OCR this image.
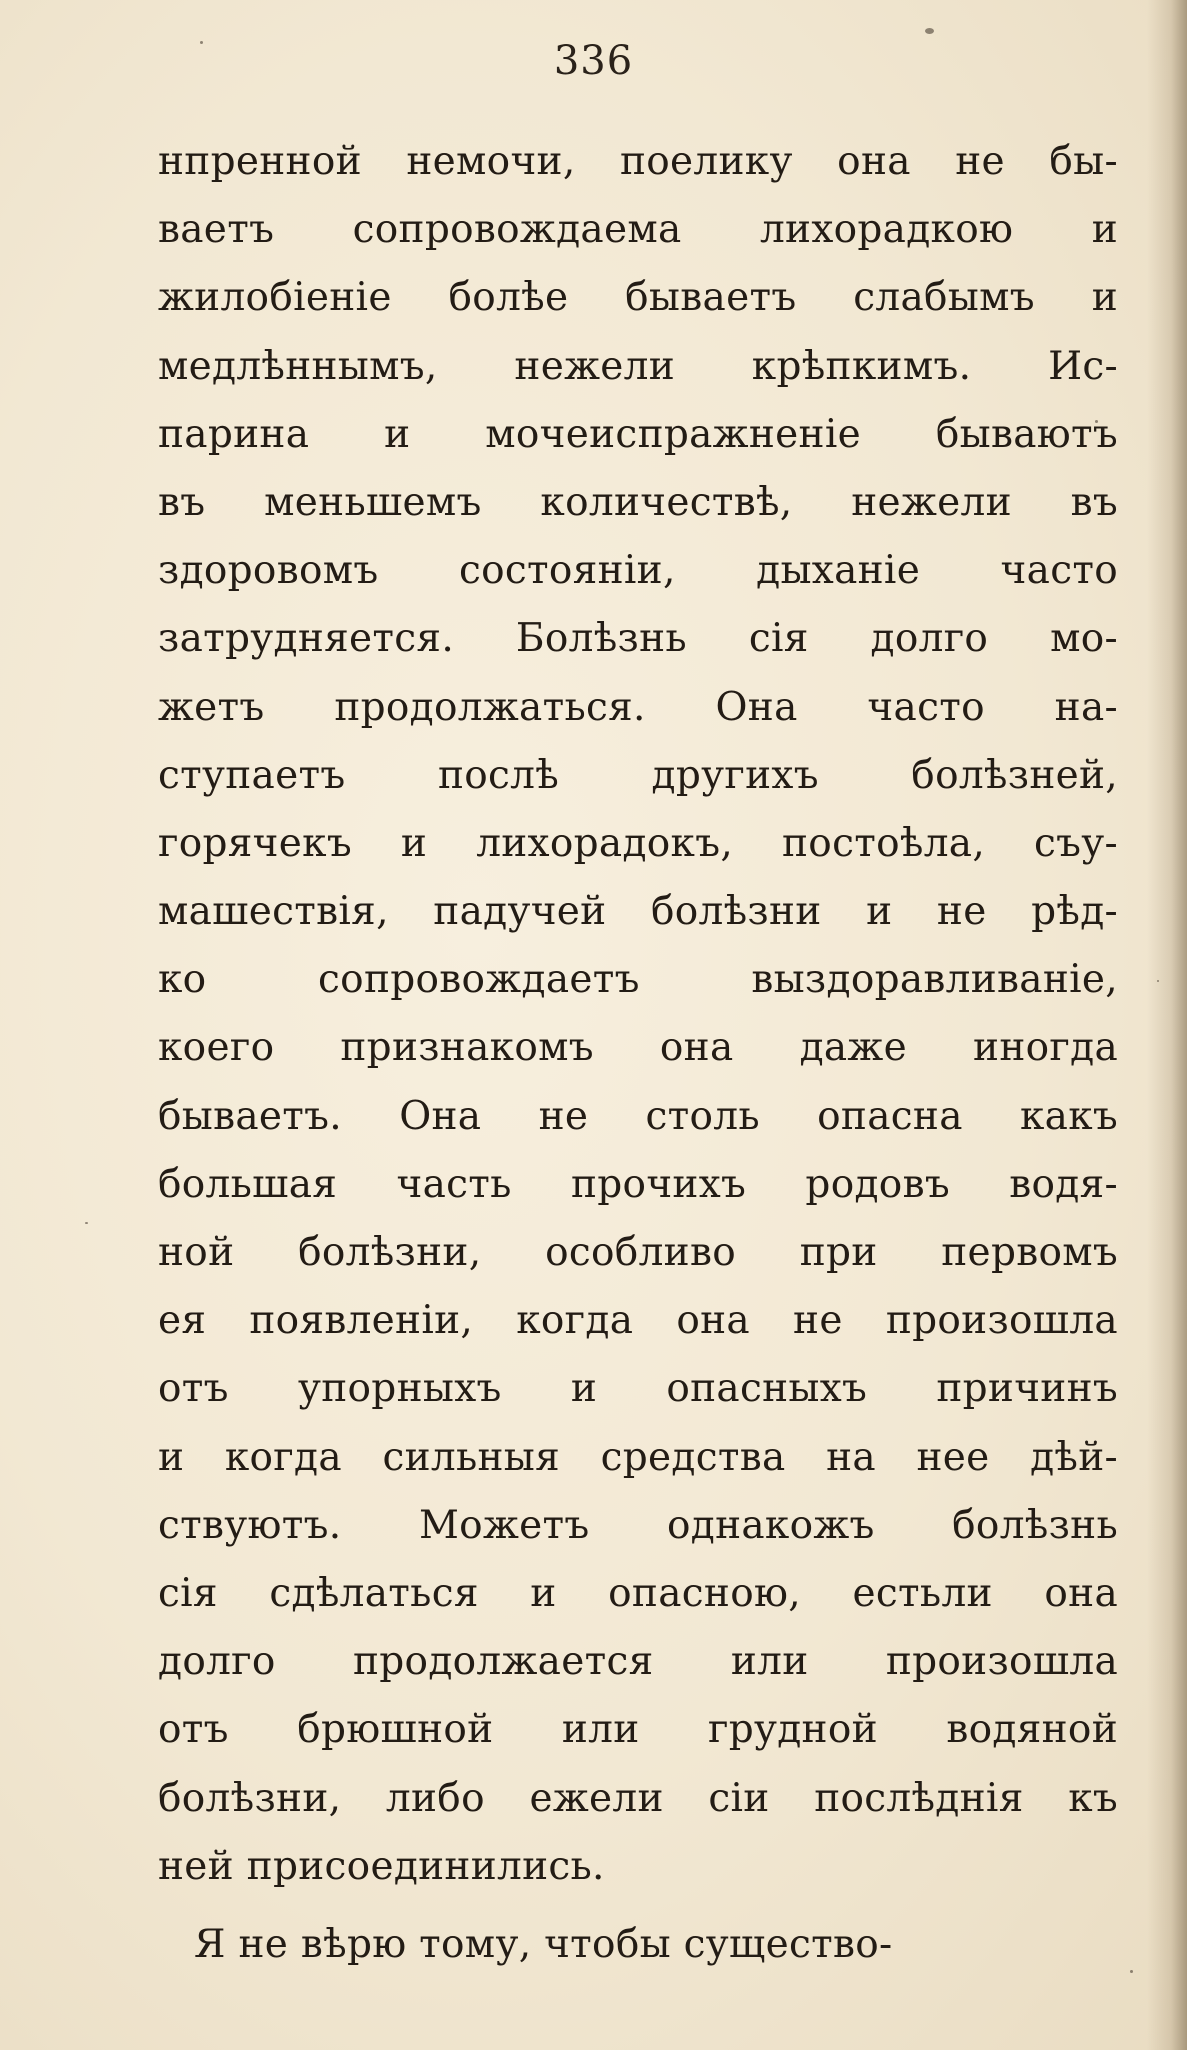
336
нпренной немочи, поелику она не бы-
ваетъ сопровождаема лихорадкою и
жилобіеніе болѣе бываетъ слабымъ и
медлѣннымъ, нежели крѣпкимъ. Ис-
парина и мочеиспражненіе бываютъ
въ меньшемъ количествѣ, нежели въ
здоровомъ состояніи, дыханіе часто
затрудняется. Болѣзнь сія долго мо-
жетъ продолжаться. Она часто на-
ступаетъ послѣ другихъ болѣзней,
горячекъ и лихорадокъ, постоѣла, съу-
машествія, падучей болѣзни и не рѣд-
ко сопровождаетъ выздоравливаніе,
коего признакомъ она даже иногда
бываетъ. Она не столь опасна какъ
большая часть прочихъ родовъ водя-
ной болѣзни, особливо при первомъ
ея появленіи, когда она не произошла
отъ упорныхъ и опасныхъ причинъ
и когда сильныя средства на нее дѣй-
ствуютъ. Можетъ однакожъ болѣзнь
сія сдѣлаться и опасною, естьли она
долго продолжается или произошла
отъ брюшной или грудной водяной
болѣзни, либо ежели сіи послѣднія къ
ней присоединились.
Я не вѣрю тому, чтобы существо-
